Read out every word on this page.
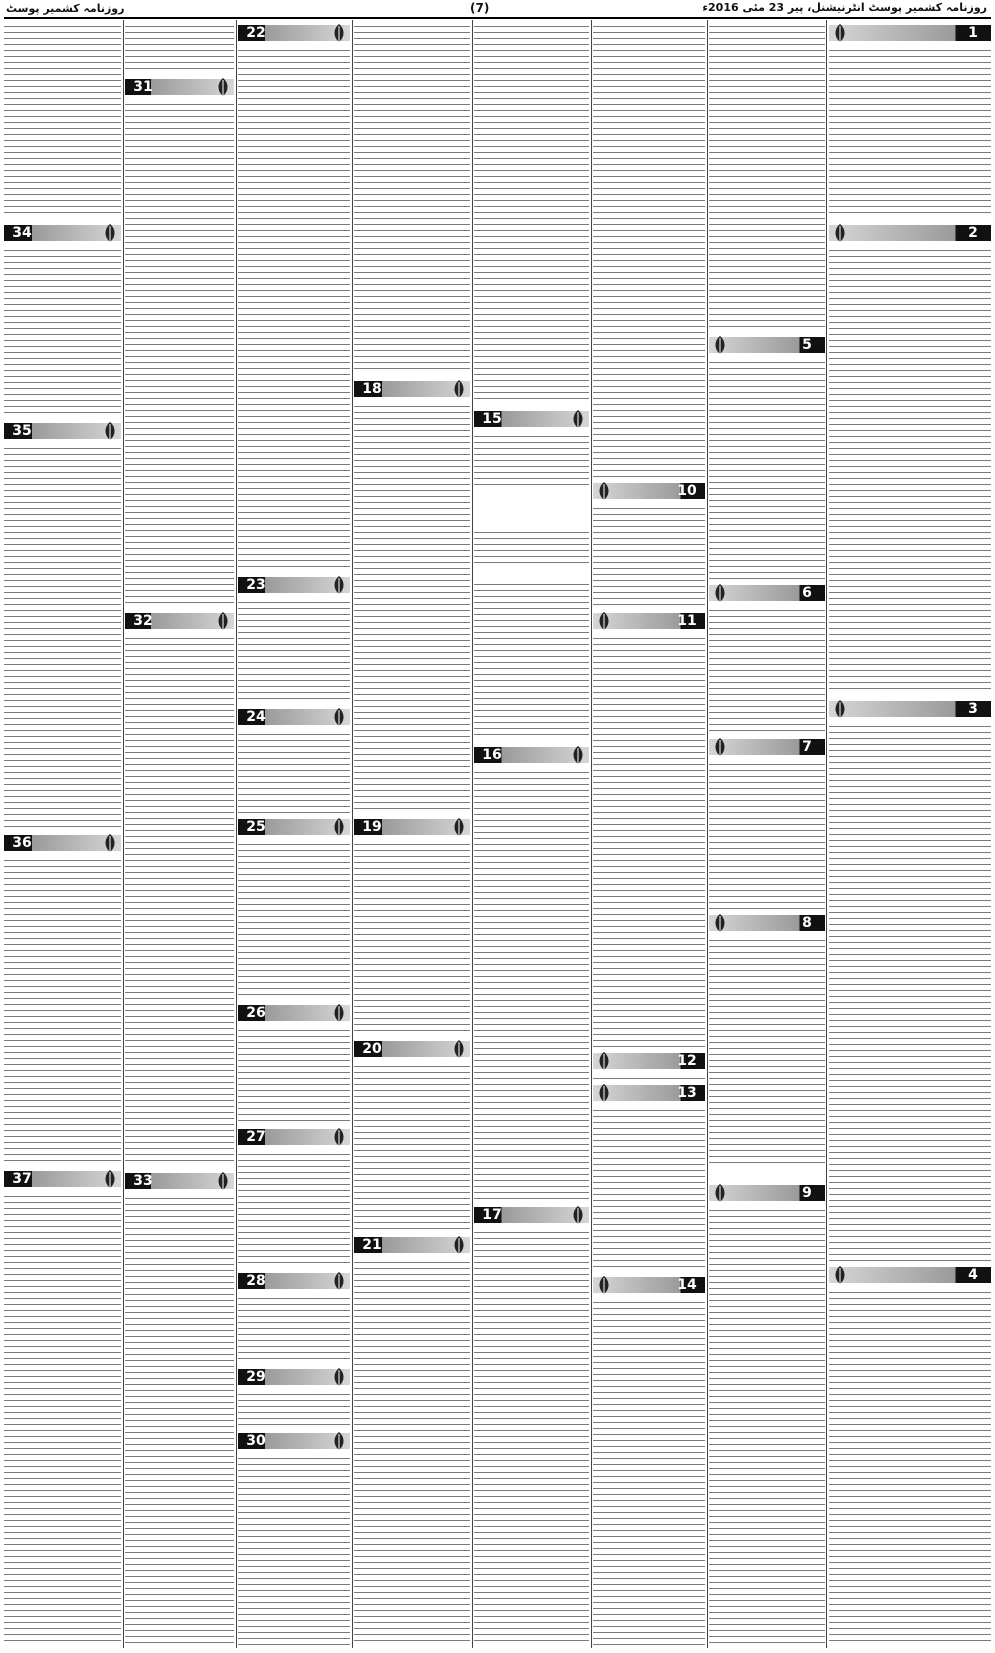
روزنامہ کشمیر پوسٹ	(7)	روزنامہ کشمیر پوسٹ انٹرنیشنل، پیر 23 مئی 2016ء
1
2
3
4
5
6
7
8
9
10
11
12
13
14
15
16
17
18
19
20
21
22
23
24
25
26
27
28
29
30
31
32
33
34
35
36
37
